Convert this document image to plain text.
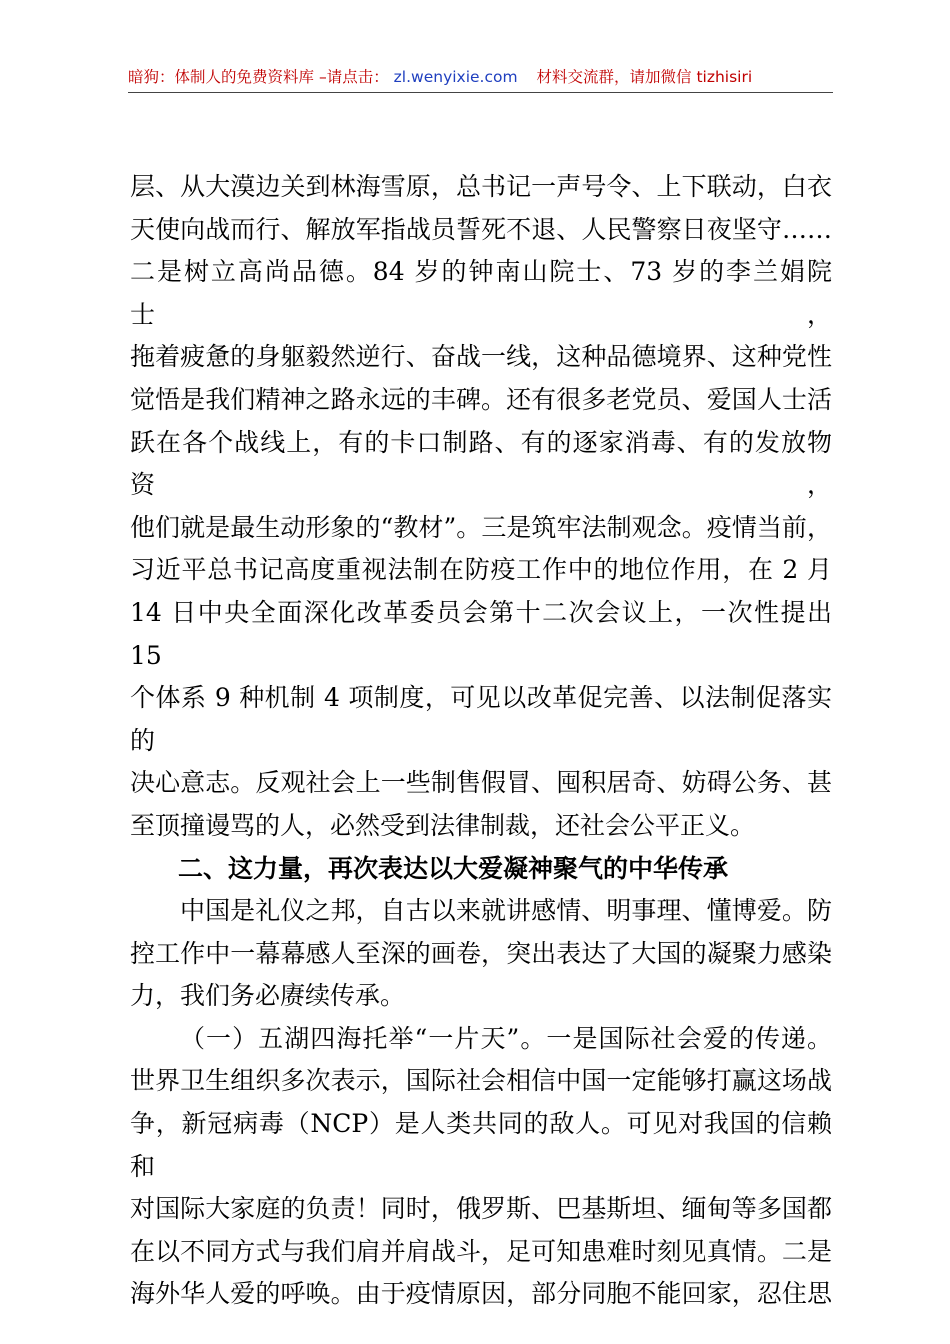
暗狗：体制人的免费资料库 –请点击： zl.wenyixie.com 材料交流群，请加微信 tizhisiri

层、从大漠边关到林海雪原，总书记一声号令、上下联动，白衣

天使向战而行、解放军指战员誓死不退、人民警察日夜坚守……

二是树立高尚品德。84 岁的钟南山院士、73 岁的李兰娟院士，

拖着疲惫的身躯毅然逆行、奋战一线，这种品德境界、这种党性

觉悟是我们精神之路永远的丰碑。还有很多老党员、爱国人士活

跃在各个战线上，有的卡口制路、有的逐家消毒、有的发放物资，

他们就是最生动形象的“教材”。三是筑牢法制观念。疫情当前，

习近平总书记高度重视法制在防疫工作中的地位作用，在 2 月

14 日中央全面深化改革委员会第十二次会议上，一次性提出 15

个体系 9 种机制 4 项制度，可见以改革促完善、以法制促落实的

决心意志。反观社会上一些制售假冒、囤积居奇、妨碍公务、甚

至顶撞谩骂的人，必然受到法律制裁，还社会公平正义。

二、这力量，再次表达以大爱凝神聚气的中华传承

中国是礼仪之邦，自古以来就讲感情、明事理、懂博爱。防

控工作中一幕幕感人至深的画卷，突出表达了大国的凝聚力感染

力，我们务必赓续传承。

（一）五湖四海托举“一片天”。一是国际社会爱的传递。

世界卫生组织多次表示，国际社会相信中国一定能够打赢这场战

争，新冠病毒（NCP）是人类共同的敌人。可见对我国的信赖和

对国际大家庭的负责！同时，俄罗斯、巴基斯坦、缅甸等多国都

在以不同方式与我们肩并肩战斗，足可知患难时刻见真情。二是

海外华人爱的呼唤。由于疫情原因，部分同胞不能回家，忍住思
